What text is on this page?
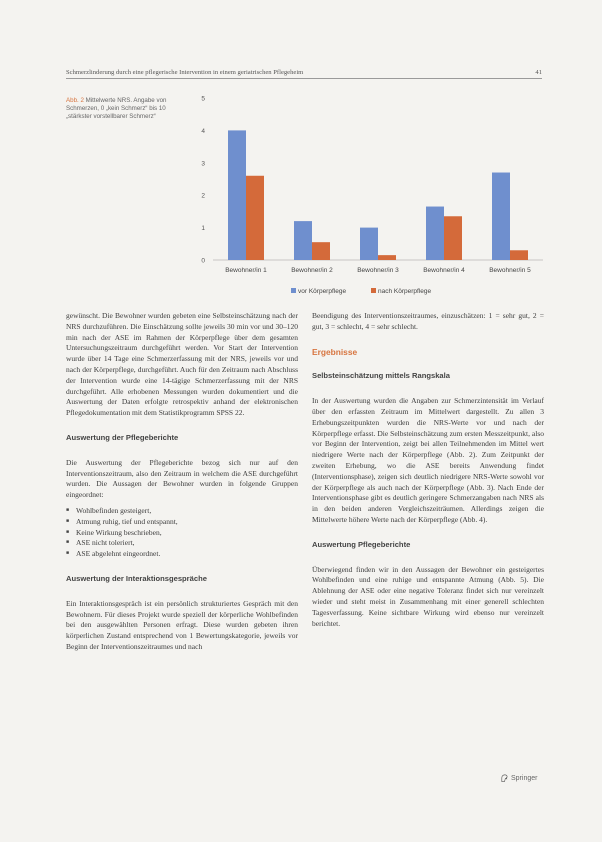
Schmerzlinderung durch eine pflegerische Intervention in einem geriatrischen Pflegeheim	41
Abb. 2 Mittelwerte NRS. Angabe von Schmerzen, 0 „kein Schmerz“ bis 10 „stärkster vorstellbarer Schmerz“
0
1
2
3
4
5
Bewohner/in 1	Bewohner/in 2	Bewohner/in 3	Bewohner/in 4	Bewohner/in 5
vor Körperpflege	nach Körperpflege

gewünscht. Die Bewohner wurden gebeten eine Selbsteinschätzung nach der NRS durchzuführen. Die Einschätzung sollte jeweils 30 min vor und 30–120 min nach der ASE im Rahmen der Körperpflege über dem gesamten Untersuchungszeitraum durchgeführt werden. Vor Start der Intervention wurde über 14 Tage eine Schmerzerfassung mit der NRS, jeweils vor und nach der Körperpflege, durchgeführt. Auch für den Zeitraum nach Abschluss der Intervention wurde eine 14-tägige Schmerzerfassung mit der NRS durchgeführt. Alle erhobenen Messungen wurden dokumentiert und die Auswertung der Daten erfolgte retrospektiv anhand der elektronischen Pflegedokumentation mit dem Statistikprogramm SPSS 22.

Auswertung der Pflegeberichte

Die Auswertung der Pflegeberichte bezog sich nur auf den Interventionszeitraum, also den Zeitraum in welchem die ASE durchgeführt wurden. Die Aussagen der Bewohner wurden in folgende Gruppen eingeordnet:

■ Wohlbefinden gesteigert,
■ Atmung ruhig, tief und entspannt,
■ Keine Wirkung beschrieben,
■ ASE nicht toleriert,
■ ASE abgelehnt eingeordnet.
Auswertung der Interaktionsgespräche

Ein Interaktionsgespräch ist ein persönlich strukturiertes Gespräch mit den Bewohnern. Für dieses Projekt wurde speziell der körperliche Wohlbefinden bei den ausgewählten Personen erfragt. Diese wurden gebeten ihren körperlichen Zustand entsprechend von 1 Bewertungskategorie, jeweils vor Beginn der Interventionszeitraumes und nach

Beendigung des Interventionszeitraumes, einzuschätzen: 1 = sehr gut, 2 = gut, 3 = schlecht, 4 = sehr schlecht.

Ergebnisse
Selbsteinschätzung mittels Rangskala

In der Auswertung wurden die Angaben zur Schmerzintensität im Verlauf über den erfassten Zeitraum im Mittelwert dargestellt. Zu allen 3 Erhebungszeitpunkten wurden die NRS-Werte vor und nach der Körperpflege erfasst. Die Selbsteinschätzung zum ersten Messzeitpunkt, also vor Beginn der Intervention, zeigt bei allen Teilnehmenden im Mittel wert niedrigere Werte nach der Körperpflege (Abb. 2). Zum Zeitpunkt der zweiten Erhebung, wo die ASE bereits Anwendung findet (Interventionsphase), zeigen sich deutlich niedrigere NRS-Werte sowohl vor der Körperpflege als auch nach der Körperpflege (Abb. 3). Nach Ende der Interventionsphase gibt es deutlich geringere Schmerzangaben nach NRS als in den beiden anderen Vergleichszeiträumen. Allerdings zeigen die Mittelwerte höhere Werte nach der Körperpflege (Abb. 4).

Auswertung Pflegeberichte

Überwiegend finden wir in den Aussagen der Bewohner ein gesteigertes Wohlbefinden und eine ruhige und entspannte Atmung (Abb. 5). Die Ablehnung der ASE oder eine negative Toleranz findet sich nur vereinzelt wieder und steht meist in Zusammenhang mit einer generell schlechten Tagesverfassung. Keine sichtbare Wirkung wird ebenso nur vereinzelt berichtet.

Springer
